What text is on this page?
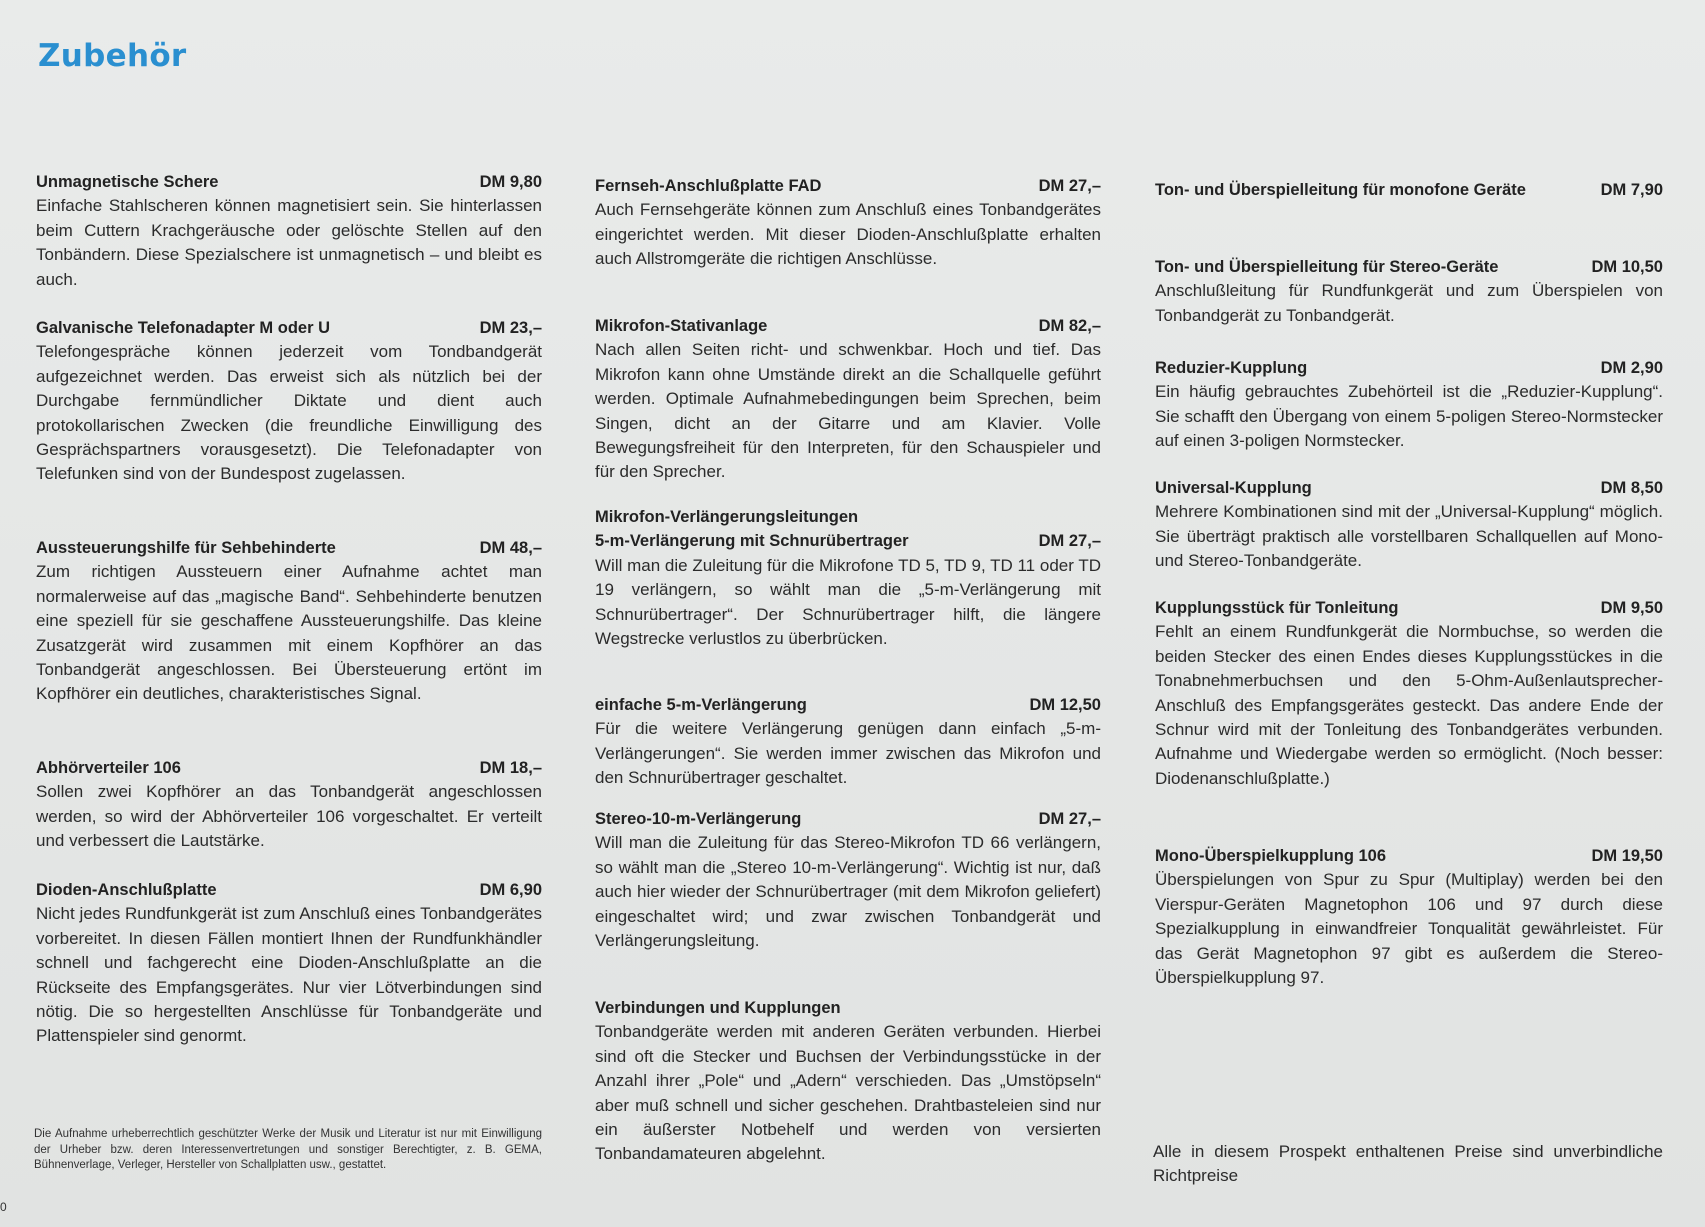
Zubehör
Unmagnetische Schere	DM 9,80

Einfache Stahlscheren können magnetisiert sein. Sie hinterlassen beim Cuttern Krachgeräusche oder gelöschte Stellen auf den Tonbändern. Diese Spezialschere ist unmagnetisch – und bleibt es auch.

Galvanische Telefonadapter M oder U	DM 23,–

Telefongespräche können jederzeit vom Tondbandgerät aufgezeichnet werden. Das erweist sich als nützlich bei der Durchgabe fernmündlicher Diktate und dient auch protokollarischen Zwecken (die freundliche Einwilligung des Gesprächspartners vorausgesetzt). Die Telefonadapter von Telefunken sind von der Bundespost zugelassen.

Aussteuerungshilfe für Sehbehinderte	DM 48,–

Zum richtigen Aussteuern einer Aufnahme achtet man normalerweise auf das „magische Band“. Sehbehinderte benutzen eine speziell für sie geschaffene Aussteuerungshilfe. Das kleine Zusatzgerät wird zusammen mit einem Kopfhörer an das Tonbandgerät angeschlossen. Bei Übersteuerung ertönt im Kopfhörer ein deutliches, charakteristisches Signal.

Abhörverteiler 106	DM 18,–

Sollen zwei Kopfhörer an das Tonbandgerät angeschlossen werden, so wird der Abhörverteiler 106 vorgeschaltet. Er verteilt und verbessert die Lautstärke.

Dioden-Anschlußplatte	DM 6,90

Nicht jedes Rundfunkgerät ist zum Anschluß eines Tonbandgerätes vorbereitet. In diesen Fällen montiert Ihnen der Rundfunkhändler schnell und fachgerecht eine Dioden-Anschlußplatte an die Rückseite des Empfangsgerätes. Nur vier Lötverbindungen sind nötig. Die so hergestellten Anschlüsse für Tonbandgeräte und Plattenspieler sind genormt.

Fernseh-Anschlußplatte FAD	DM 27,–

Auch Fernsehgeräte können zum Anschluß eines Tonbandgerätes eingerichtet werden. Mit dieser Dioden-Anschlußplatte erhalten auch Allstromgeräte die richtigen Anschlüsse.

Mikrofon-Stativanlage	DM 82,–

Nach allen Seiten richt- und schwenkbar. Hoch und tief. Das Mikrofon kann ohne Umstände direkt an die Schallquelle geführt werden. Optimale Aufnahmebedingungen beim Sprechen, beim Singen, dicht an der Gitarre und am Klavier. Volle Bewegungsfreiheit für den Interpreten, für den Schauspieler und für den Sprecher.

Mikrofon-Verlängerungsleitungen
5-m-Verlängerung mit Schnurübertrager	DM 27,–

Will man die Zuleitung für die Mikrofone TD 5, TD 9, TD 11 oder TD 19 verlängern, so wählt man die „5-m-Verlängerung mit Schnurübertrager“. Der Schnurübertrager hilft, die längere Wegstrecke verlustlos zu überbrücken.

einfache 5-m-Verlängerung	DM 12,50

Für die weitere Verlängerung genügen dann einfach „5-m-Verlängerungen“. Sie werden immer zwischen das Mikrofon und den Schnurübertrager geschaltet.

Stereo-10-m-Verlängerung	DM 27,–

Will man die Zuleitung für das Stereo-Mikrofon TD 66 verlängern, so wählt man die „Stereo 10-m-Verlängerung“. Wichtig ist nur, daß auch hier wieder der Schnurübertrager (mit dem Mikrofon geliefert) eingeschaltet wird; und zwar zwischen Tonbandgerät und Verlängerungsleitung.

Verbindungen und Kupplungen

Tonbandgeräte werden mit anderen Geräten verbunden. Hierbei sind oft die Stecker und Buchsen der Verbindungsstücke in der Anzahl ihrer „Pole“ und „Adern“ verschieden. Das „Umstöpseln“ aber muß schnell und sicher geschehen. Drahtbasteleien sind nur ein äußerster Notbehelf und werden von versierten Tonbandamateuren abgelehnt.

Ton- und Überspielleitung für monofone Geräte	DM 7,90
Ton- und Überspielleitung für Stereo-Geräte	DM 10,50

Anschlußleitung für Rundfunkgerät und zum Überspielen von Tonbandgerät zu Tonbandgerät.

Reduzier-Kupplung	DM 2,90

Ein häufig gebrauchtes Zubehörteil ist die „Reduzier-Kupplung“. Sie schafft den Übergang von einem 5-poligen Stereo-Normstecker auf einen 3-poligen Normstecker.

Universal-Kupplung	DM 8,50

Mehrere Kombinationen sind mit der „Universal-Kupplung“ möglich. Sie überträgt praktisch alle vorstellbaren Schallquellen auf Mono- und Stereo-Tonbandgeräte.

Kupplungsstück für Tonleitung	DM 9,50

Fehlt an einem Rundfunkgerät die Normbuchse, so werden die beiden Stecker des einen Endes dieses Kupplungsstückes in die Tonabnehmerbuchsen und den 5-Ohm-Außenlautsprecher-Anschluß des Empfangsgerätes gesteckt. Das andere Ende der Schnur wird mit der Tonleitung des Tonbandgerätes verbunden. Aufnahme und Wiedergabe werden so ermöglicht. (Noch besser: Diodenanschlußplatte.)

Mono-Überspielkupplung 106	DM 19,50

Überspielungen von Spur zu Spur (Multiplay) werden bei den Vierspur-Geräten Magnetophon 106 und 97 durch diese Spezialkupplung in einwandfreier Tonqualität gewährleistet. Für das Gerät Magnetophon 97 gibt es außerdem die Stereo-Überspielkupplung 97.

Die Aufnahme urheberrechtlich geschützter Werke der Musik und Literatur ist nur mit Einwilligung der Urheber bzw. deren Interessenvertretungen und sonstiger Berechtigter, z. B. GEMA, Bühnenverlage, Verleger, Hersteller von Schallplatten usw., gestattet.

Alle in diesem Prospekt enthaltenen Preise sind unverbindliche Richtpreise

0
